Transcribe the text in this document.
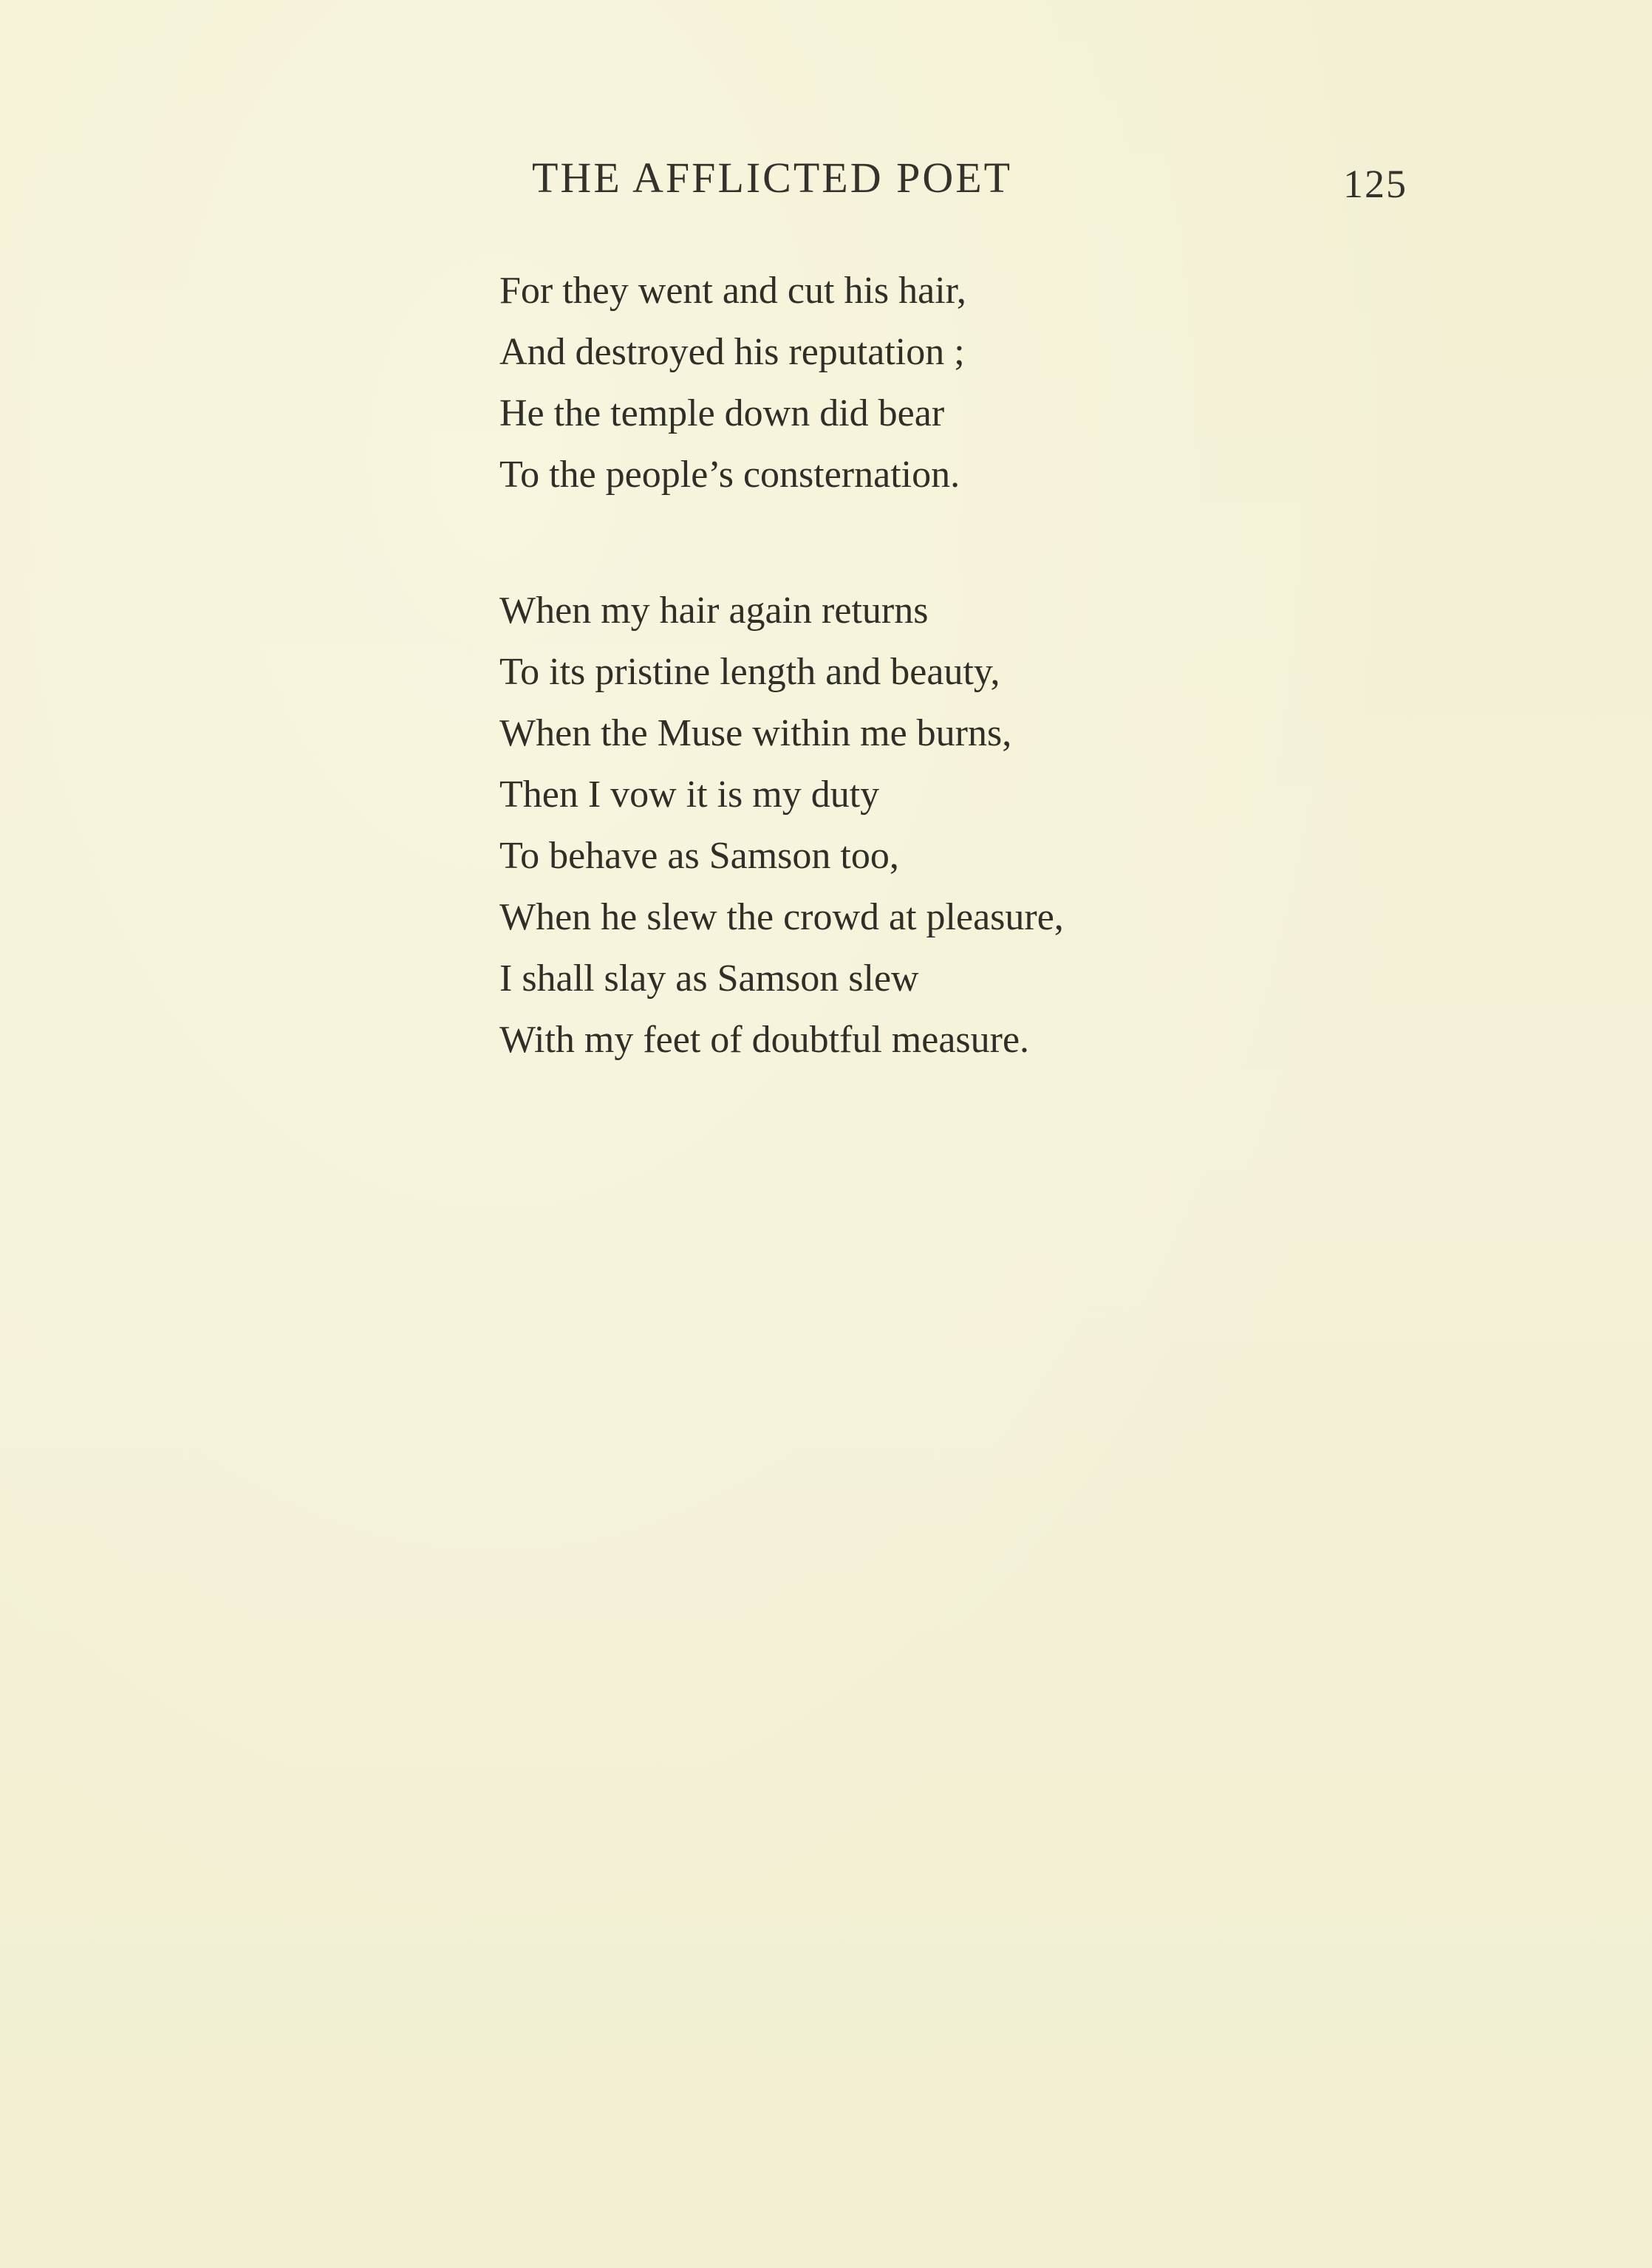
THE AFFLICTED POET	125
For they went and cut his hair,
And destroyed his reputation ;
He the temple down did bear
To the people’s consternation.
When my hair again returns
To its pristine length and beauty,
When the Muse within me burns,
Then I vow it is my duty
To behave as Samson too,
When he slew the crowd at pleasure,
I shall slay as Samson slew
With my feet of doubtful measure.
